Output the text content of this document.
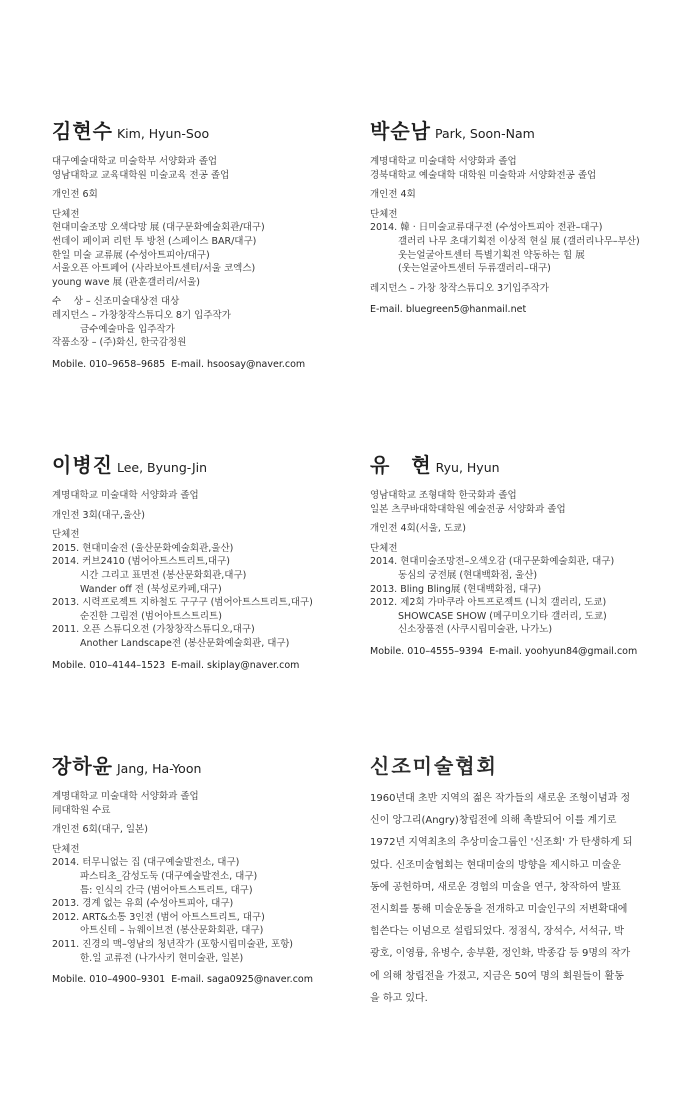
김현수 Kim, Hyun-Soo
대구예술대학교 미술학부 서양화과 졸업
영남대학교 교육대학원 미술교육 전공 졸업
개인전 6회
단체전
현대미술조망 오색다망 展 (대구문화예술회관/대구)
썬데이 페이퍼 리턴 투 방천 (스페이스 BAR/대구)
한일 미술 교류展 (수성아트피아/대구)
서울오픈 아트페어 (사라보아트센터/서울 코엑스)
young wave 展 (관훈갤러리/서울)
수　 상 – 신조미술대상전 대상
레지던스 – 가창창작스튜디오 8기 입주작가
금수예술마을 입주작가
작품소장 – (주)화신, 한국감정원
Mobile. 010–9658–9685 E-mail. hsoosay@naver.com
박순남 Park, Soon-Nam
계명대학교 미술대학 서양화과 졸업
경북대학교 예술대학 대학원 미술학과 서양화전공 졸업
개인전 4회
단체전
2014. 韓 · 日미술교류대구전 (수성아트피아 전관–대구)
갤러리 나무 초대기획전 이상적 현실 展 (갤러리나무–부산)
웃는얼굴아트센터 특별기획전 약동하는 힘 展
(웃는얼굴아트센터 두류갤러리–대구)
레지던스 – 가창 창작스튜디오 3기입주작가
E-mail. bluegreen5@hanmail.net
이병진 Lee, Byung-Jin
계명대학교 미술대학 서양화과 졸업
개인전 3회(대구,울산)
단체전
2015. 현대미술전 (울산문화예술회관,울산)
2014. 커브2410 (범어아트스트리트,대구)
시간 그리고 표면전 (봉산문화회관,대구)
Wander off 전 (북성로카페,대구)
2013. 시력프로젝트 지하철도 구구구 (범어아트스트리트,대구)
순진한 그림전 (범어아트스트리트)
2011. 오픈 스튜디오전 (가창창작스튜디오,대구)
Another Landscape전 (봉산문화예술회관, 대구)
Mobile. 010–4144–1523 E-mail. skiplay@naver.com
유　현 Ryu, Hyun
영남대학교 조형대학 한국화과 졸업
일본 츠쿠바대학대학원 예술전공 서양화과 졸업
개인전 4회(서울, 도쿄)
단체전
2014. 현대미술조망전–오색오감 (대구문화예술회관, 대구)
동심의 궁전展 (현대백화점, 울산)
2013. Bling Bling展 (현대백화점, 대구)
2012. 제2회 가마쿠라 아트프로젝트 (니치 갤러리, 도쿄)
SHOWCASE SHOW (메구미오기타 갤러리, 도쿄)
신소장품전 (사쿠시립미술관, 나가노)
Mobile. 010–4555–9394 E-mail. yoohyun84@gmail.com
장하윤 Jang, Ha-Yoon
계명대학교 미술대학 서양화과 졸업
同대학원 수료
개인전 6회(대구, 일본)
단체전
2014. 터무니없는 집 (대구예술발전소, 대구)
파스티초_감성도둑 (대구예술발전소, 대구)
틈: 인식의 간극 (범어아트스트리트, 대구)
2013. 경계 없는 유희 (수성아트피아, 대구)
2012. ART&소통 3인전 (범어 아트스트리트, 대구)
아트신테 – 뉴웨이브전 (봉산문화회관, 대구)
2011. 진경의 맥–영남의 청년작가 (포항시립미술관, 포항)
한.일 교류전 (나가사키 현미술관, 일본)
Mobile. 010–4900–9301 E-mail. saga0925@naver.com
신조미술협회
1960년대 초반 지역의 젊은 작가들의 새로운 조형이념과 정
신이 앙그리(Angry)창립전에 의해 촉발되어 이를 계기로
1972년 지역최초의 추상미술그룹인 '신조회' 가 탄생하게 되
었다. 신조미술협회는 현대미술의 방향을 제시하고 미술운
동에 공헌하며, 새로운 경험의 미술을 연구, 창작하여 발표
전시회를 통해 미술운동을 전개하고 미술인구의 저변확대에
힘쓴다는 이념으로 설립되었다. 정점식, 장석수, 서석규, 박
광호, 이영륭, 유병수, 송부환, 정인화, 박종갑 등 9명의 작가
에 의해 창립전을 가졌고, 지금은 50여 명의 회원들이 활동
을 하고 있다.
